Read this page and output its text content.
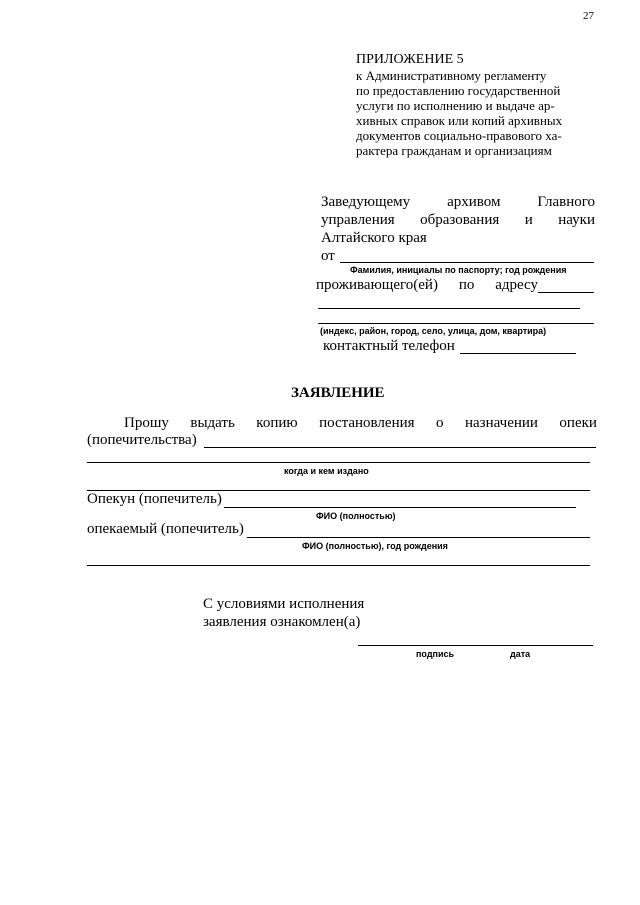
27
ПРИЛОЖЕНИЕ 5
к Административному регламенту
по предоставлению государственной
услуги по исполнению и выдаче ар-
хивных справок или копий архивных
документов социально-правового ха-
рактера гражданам и организациям
Заведующему архивом Главного
управления образования и науки
Алтайского края
от
Фамилия, инициалы по паспорту; год рождения
проживающего(ей) по адресу
(индекс, район, город, село, улица, дом, квартира)
контактный телефон
ЗАЯВЛЕНИЕ
Прошу выдать копию постановления о назначении опеки
(попечительства)
когда и кем издано
Опекун (попечитель)
ФИО (полностью)
опекаемый (попечитель)
ФИО (полностью), год рождения
С условиями исполнения
заявления ознакомлен(а)
подпись	дата
